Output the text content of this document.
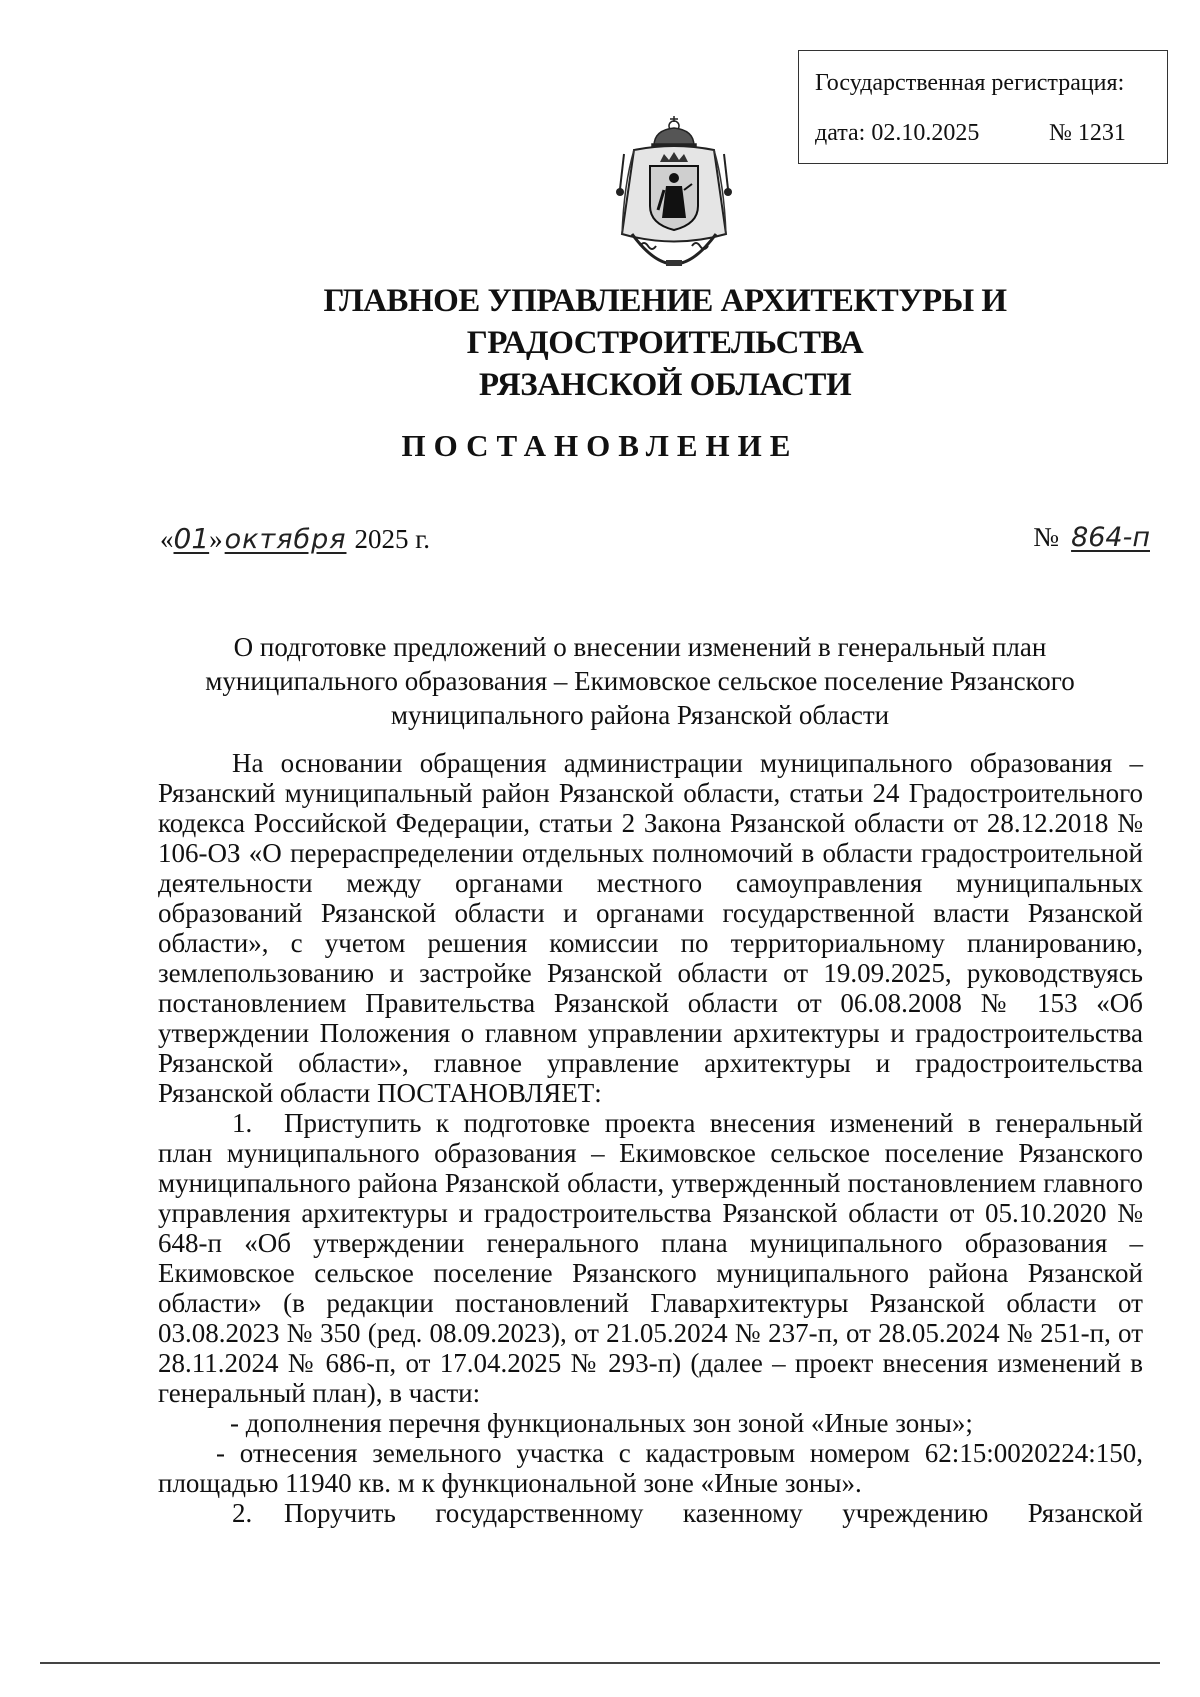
Государственная регистрация:
дата: 02.10.2025	№ 1231
ГЛАВНОЕ УПРАВЛЕНИЕ АРХИТЕКТУРЫ И ГРАДОСТРОИТЕЛЬСТВА
РЯЗАНСКОЙ ОБЛАСТИ
ПОСТАНОВЛЕНИЕ
«01»октября 2025 г.	№ 864-п
О подготовке предложений о внесении изменений в генеральный план
муниципального образования – Екимовское сельское поселение Рязанского
муниципального района Рязанской области

На основании обращения администрации муниципального образования – Рязанский муниципальный район Рязанской области, статьи 24 Градостроительного кодекса Российской Федерации, статьи 2 Закона Рязанской области от 28.12.2018 № 106-ОЗ «О перераспределении отдельных полномочий в области градостроительной деятельности между органами местного самоуправления муниципальных образований Рязанской области и органами государственной власти Рязанской области», с учетом решения комиссии по территориальному планированию, землепользованию и застройке Рязанской области от 19.09.2025, руководствуясь постановлением Правительства Рязанской области от 06.08.2008 № 153 «Об утверждении Положения о главном управлении архитектуры и градостроительства Рязанской области», главное управление архитектуры и градостроительства Рязанской области ПОСТАНОВЛЯЕТ:

1. Приступить к подготовке проекта внесения изменений в генеральный план муниципального образования – Екимовское сельское поселение Рязанского муниципального района Рязанской области, утвержденный постановлением главного управления архитектуры и градостроительства Рязанской области от 05.10.2020 № 648-п «Об утверждении генерального плана муниципального образования – Екимовское сельское поселение Рязанского муниципального района Рязанской области» (в редакции постановлений Главархитектуры Рязанской области от 03.08.2023 № 350 (ред. 08.09.2023), от 21.05.2024 № 237-п, от 28.05.2024 № 251-п, от 28.11.2024 № 686-п, от 17.04.2025 № 293-п) (далее – проект внесения изменений в генеральный план), в части:

- дополнения перечня функциональных зон зоной «Иные зоны»;

- отнесения земельного участка с кадастровым номером 62:15:0020224:150, площадью 11940 кв. м к функциональной зоне «Иные зоны».

2. Поручить государственному казенному учреждению Рязанской
